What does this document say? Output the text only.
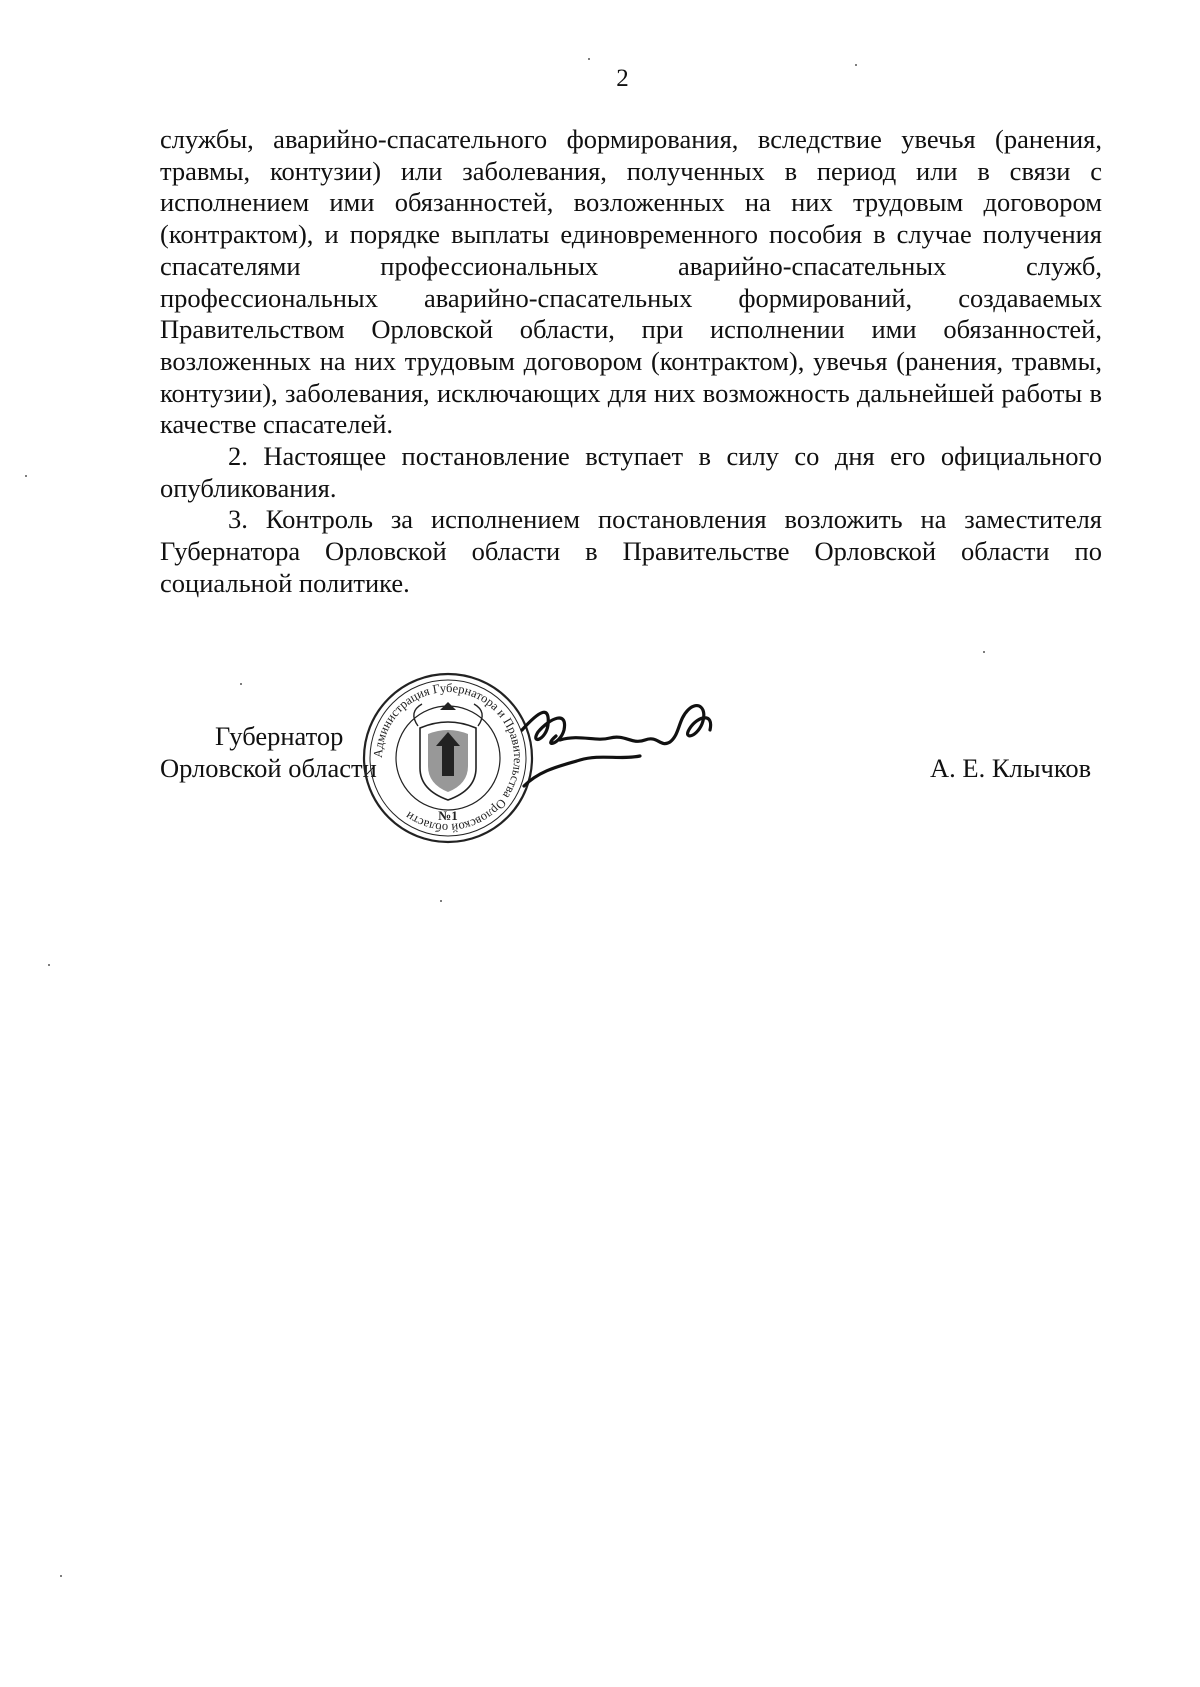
2

службы, аварийно-спасательного формирования, вследствие увечья (ранения, травмы, контузии) или заболевания, полученных в период или в связи с исполнением ими обязанностей, возложенных на них трудовым договором (контрактом), и порядке выплаты единовременного пособия в случае получения спасателями профессиональных аварийно-спасательных служб, профессиональных аварийно-спасательных формирований, создаваемых Правительством Орловской области, при исполнении ими обязанностей, возложенных на них трудовым договором (контрактом), увечья (ранения, травмы, контузии), заболевания, исключающих для них возможность дальнейшей работы в качестве спасателей.

2. Настоящее постановление вступает в силу со дня его официального опубликования.

3. Контроль за исполнением постановления возложить на заместителя Губернатора Орловской области в Правительстве Орловской области по социальной политике.

Губернатор
Орловской области
Администрация Губернатора и Правительства Орловской области	№1
А. Е. Клычков
